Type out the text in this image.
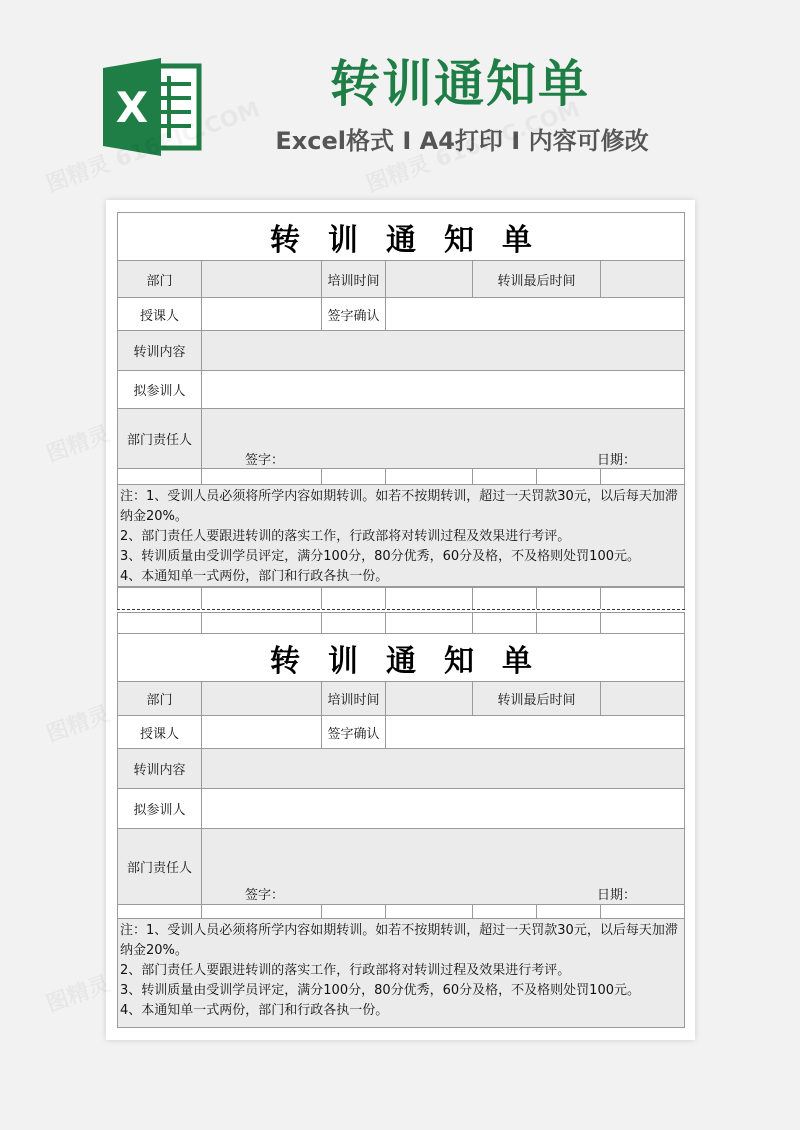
X	转训通知单
Excel格式 I A4打印 I 内容可修改
转训通知单
部门	培训时间	转训最后时间
授课人	签字确认
转训内容
拟参训人
部门责任人
签字：	日期：

注：1、受训人员必须将所学内容如期转训。如若不按期转训，超过一天罚款30元，以后每天加滞纳金20%。

2、部门责任人要跟进转训的落实工作，行政部将对转训过程及效果进行考评。

3、转训质量由受训学员评定，满分100分，80分优秀，60分及格，不及格则处罚100元。

4、本通知单一式两份，部门和行政各执一份。

转训通知单
部门	培训时间	转训最后时间
授课人	签字确认
转训内容
拟参训人
部门责任人
签字：	日期：

注：1、受训人员必须将所学内容如期转训。如若不按期转训，超过一天罚款30元，以后每天加滞纳金20%。

2、部门责任人要跟进转训的落实工作，行政部将对转训过程及效果进行考评。

3、转训质量由受训学员评定，满分100分，80分优秀，60分及格，不及格则处罚100元。

4、本通知单一式两份，部门和行政各执一份。
